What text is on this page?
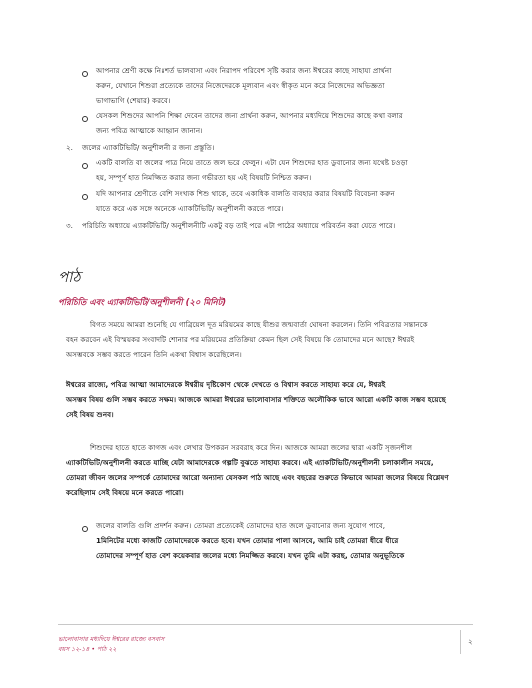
আপনার শ্রেণী কক্ষে নিঃশর্ত ভালবাসা এবং নিরাপদ পরিবেশ সৃষ্টি করার জন্য ঈশ্বরের কাছে সাহায্য প্রার্থনা
করুন, যেখানে শিশুরা প্রত্যেকে তাদের নিজেদেরকে মূল্যবান এবং স্বীকৃত মনে করে নিজেদের অভিজ্ঞতা
ভাগাভাগি (শেয়ার) করবে।
যেসকল শিশুদের আপনি শিক্ষা দেবেন তাদের জন্য প্রার্থনা করুন, আপনার মধ্যদিয়ে শিশুদের কাছে কথা বলার
জন্য পবিত্র আত্মাকে আহ্বান জানান।
২. জলের এ্যাকটিভিটি/ অনুশীলনী র জন্য প্রস্তুতি।
একটি বালতি বা জলের পাত্র নিয়ে তাতে জল ভরে ফেলুন। এটা যেন শিশুদের হাত ডুবানোর জন্য যথেষ্ট চওড়া
হয়, সম্পূর্ণ হাত নিমজ্জিত করার জন্য গভীরতা হয় এই বিষয়টি নিশ্চিত করুন।
যদি আপনার শ্রেণীতে বেশি সংখ্যক শিশু থাকে, তবে একাধিক বালতি ব্যবহার করার বিষয়টি বিবেচনা করুন
যাতে করে এক সঙ্গে অনেকে এ্যাকটিভিটি/ অনুশীলনী করতে পারে।
৩. পরিচিতি অধ্যায়ে এ্যাকটিভিটি/ অনুশীলনীটি একটু বড় তাই পরে এটা পাঠের অধ্যায়ে পরিবর্তন করা যেতে পারে।
পাঠ
পরিচিতি এবং এ্যাকটিভিটি/অনুশীলনী (২০ মিনিট)
বিগত সময়ে আমরা শুনেছি যে গাব্রিয়েল দূত মরিয়মের কাছে যীশুর জন্মবার্তা ঘোষনা করলেন। তিনি পবিত্রতার সন্তানকে
বহন করবেন এই বিস্ময়কর সংবাদটি শোনার পর মরিয়মের প্রতিক্রিয়া কেমন ছিল সেই বিষয়ে কি তোমাদের মনে আছে? ঈশ্বরই
অসম্ভবকে সম্ভব করতে পারেন তিনি একথা বিশ্বাস করেছিলেন।
ঈশ্বরের রাজ্যে, পবিত্র আত্মা আমাদেরকে ঈশ্বরীয় দৃষ্টিকোণ থেকে দেখতে ও বিশ্বাস করতে সাহায্য করে যে, ঈশ্বরই
অসম্ভব বিষয় গুলি সম্ভব করতে সক্ষম। আজকে আমরা ঈশ্বরের ভালোবাসার শক্তিতে অলৌকিক ভাবে আরো একটি কাজ সম্ভব হয়েছে
সেই বিষয় শুনব।
শিশুদের হাতে হাতে কাগজ এবং লেখার উপকরন সরবরাহ করে দিন। আজকে আমরা জলের দ্বারা একটি সৃজনশীল
এ্যাকটিভিটি/অনুশীলনী করতে যাচ্ছি যেটা আমাদেরকে গল্পটি বুঝতে সাহায্য করবে। এই এ্যাকটিভিটি/অনুশীলনী চলাকালীন সময়ে,
তোমরা জীবন জলের সম্পর্কে তোমাদের আরো অন্যান্য যেসকল পাঠ আছে এবং বছরের শুরুতে কিভাবে আমরা জলের বিষয়ে বিশ্লেষণ
করেছিলাম সেই বিষয়ে মনে করতে পারো।
জলের বালতি গুলি প্রদর্শন করুন। তোমরা প্রত্যেকেই তোমাদের হাত জলে ডুবানোর জন্য সুযোগ পাবে,
1মিনিটের মধ্যে কাজটি তোমাদেরকে করতে হবে। যখন তোমার পালা আসবে, আমি চাই তোমরা ধীরে ধীরে
তোমাদের সম্পূর্ণ হাত বেশ কয়েকবার জলের মধ্যে নিমজ্জিত করবে। যখন তুমি এটা করছ, তোমার অনুভূতিকে
ভালোবাসার মধ্যদিয়ে ঈশ্বরের রাজ্যে বসবাস
বয়স ১২-১৪ • পাঠ ২২
২
